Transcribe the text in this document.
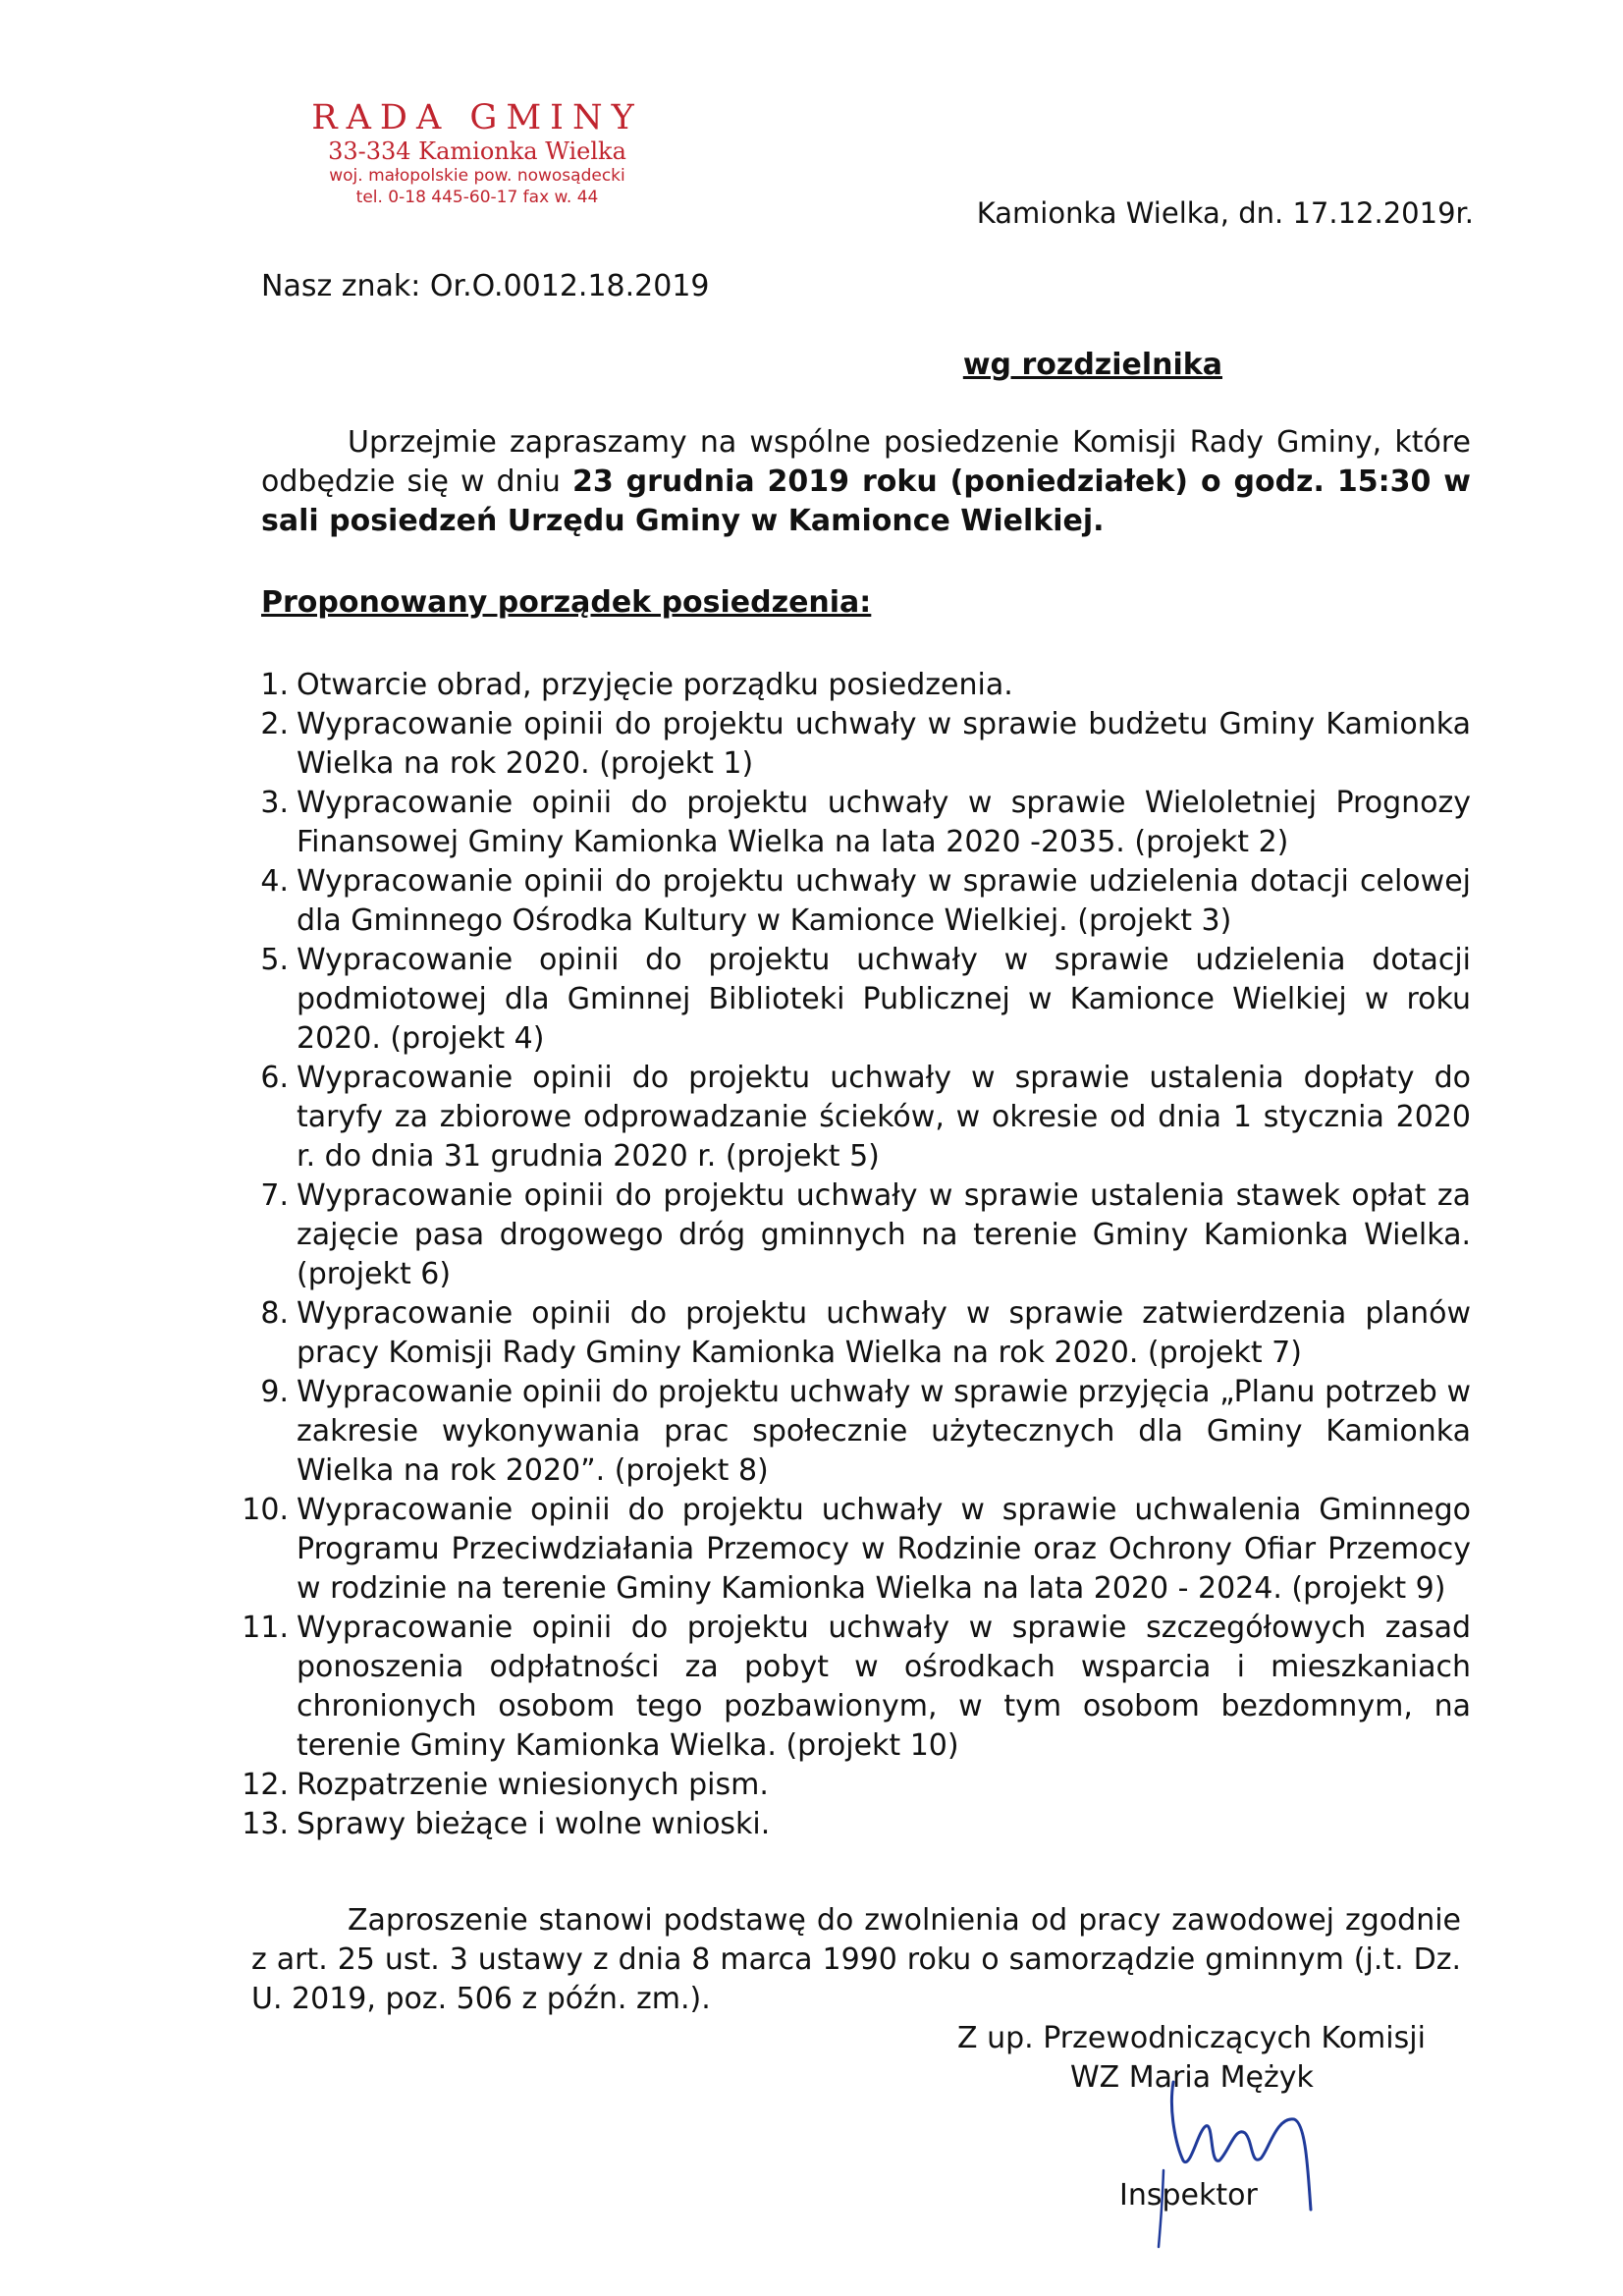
RADA GMINY
33-334 Kamionka Wielka
woj. małopolskie pow. nowosądecki
tel. 0-18 445-60-17 fax w. 44	Kamionka Wielka, dn. 17.12.2019r.
Nasz znak: Or.O.0012.18.2019
wg rozdzielnika

Uprzejmie zapraszamy na wspólne posiedzenie Komisji Rady Gminy, które odbędzie się w dniu 23 grudnia 2019 roku (poniedziałek) o godz. 15:30 w sali posiedzeń Urzędu Gminy w Kamionce Wielkiej.

Proponowany porządek posiedzenia:
1. Otwarcie obrad, przyjęcie porządku posiedzenia.
2. Wypracowanie opinii do projektu uchwały w sprawie budżetu Gminy Kamionka Wielka na rok 2020. (projekt 1)
3. Wypracowanie opinii do projektu uchwały w sprawie Wieloletniej Prognozy Finansowej Gminy Kamionka Wielka na lata 2020 -2035. (projekt 2)
4. Wypracowanie opinii do projektu uchwały w sprawie udzielenia dotacji celowej dla Gminnego Ośrodka Kultury w Kamionce Wielkiej. (projekt 3)
5. Wypracowanie opinii do projektu uchwały w sprawie udzielenia dotacji podmiotowej dla Gminnej Biblioteki Publicznej w Kamionce Wielkiej w roku 2020. (projekt 4)
6. Wypracowanie opinii do projektu uchwały w sprawie ustalenia dopłaty do taryfy za zbiorowe odprowadzanie ścieków, w okresie od dnia 1 stycznia 2020 r. do dnia 31 grudnia 2020 r. (projekt 5)
7. Wypracowanie opinii do projektu uchwały w sprawie ustalenia stawek opłat za zajęcie pasa drogowego dróg gminnych na terenie Gminy Kamionka Wielka. (projekt 6)
8. Wypracowanie opinii do projektu uchwały w sprawie zatwierdzenia planów pracy Komisji Rady Gminy Kamionka Wielka na rok 2020. (projekt 7)
9. Wypracowanie opinii do projektu uchwały w sprawie przyjęcia „Planu potrzeb w zakresie wykonywania prac społecznie użytecznych dla Gminy Kamionka Wielka na rok 2020”. (projekt 8)
10. Wypracowanie opinii do projektu uchwały w sprawie uchwalenia Gminnego Programu Przeciwdziałania Przemocy w Rodzinie oraz Ochrony Ofiar Przemocy w rodzinie na terenie Gminy Kamionka Wielka na lata 2020 - 2024. (projekt 9)
11. Wypracowanie opinii do projektu uchwały w sprawie szczegółowych zasad ponoszenia odpłatności za pobyt w ośrodkach wsparcia i mieszkaniach chronionych osobom tego pozbawionym, w tym osobom bezdomnym, na terenie Gminy Kamionka Wielka. (projekt 10)
12. Rozpatrzenie wniesionych pism.
13. Sprawy bieżące i wolne wnioski.

Zaproszenie stanowi podstawę do zwolnienia od pracy zawodowej zgodnie z art. 25 ust. 3 ustawy z dnia 8 marca 1990 roku o samorządzie gminnym (j.t. Dz. U. 2019, poz. 506 z późn. zm.).

Z up. Przewodniczących Komisji
WZ Maria Mężyk
Inspektor
